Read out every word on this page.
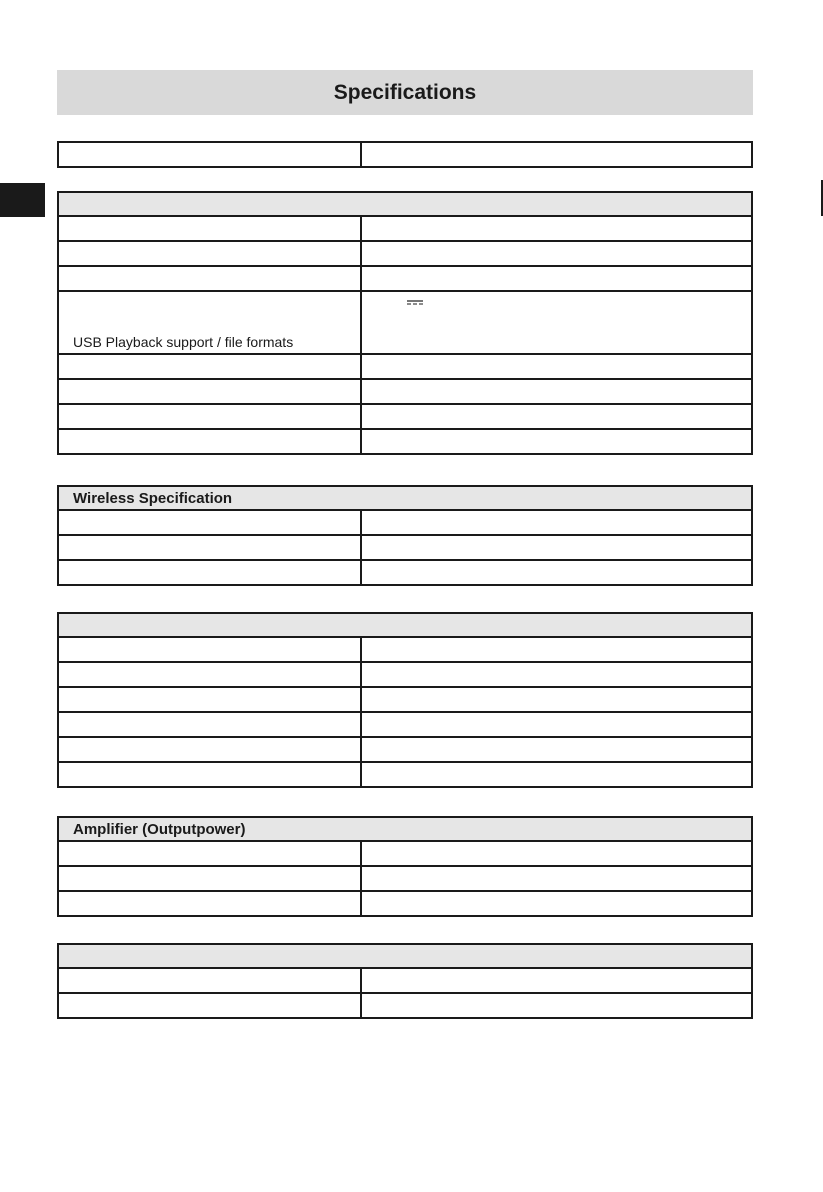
Specifications
USB Playback support / file formats
Wireless Specification
Amplifier (Outputpower)
